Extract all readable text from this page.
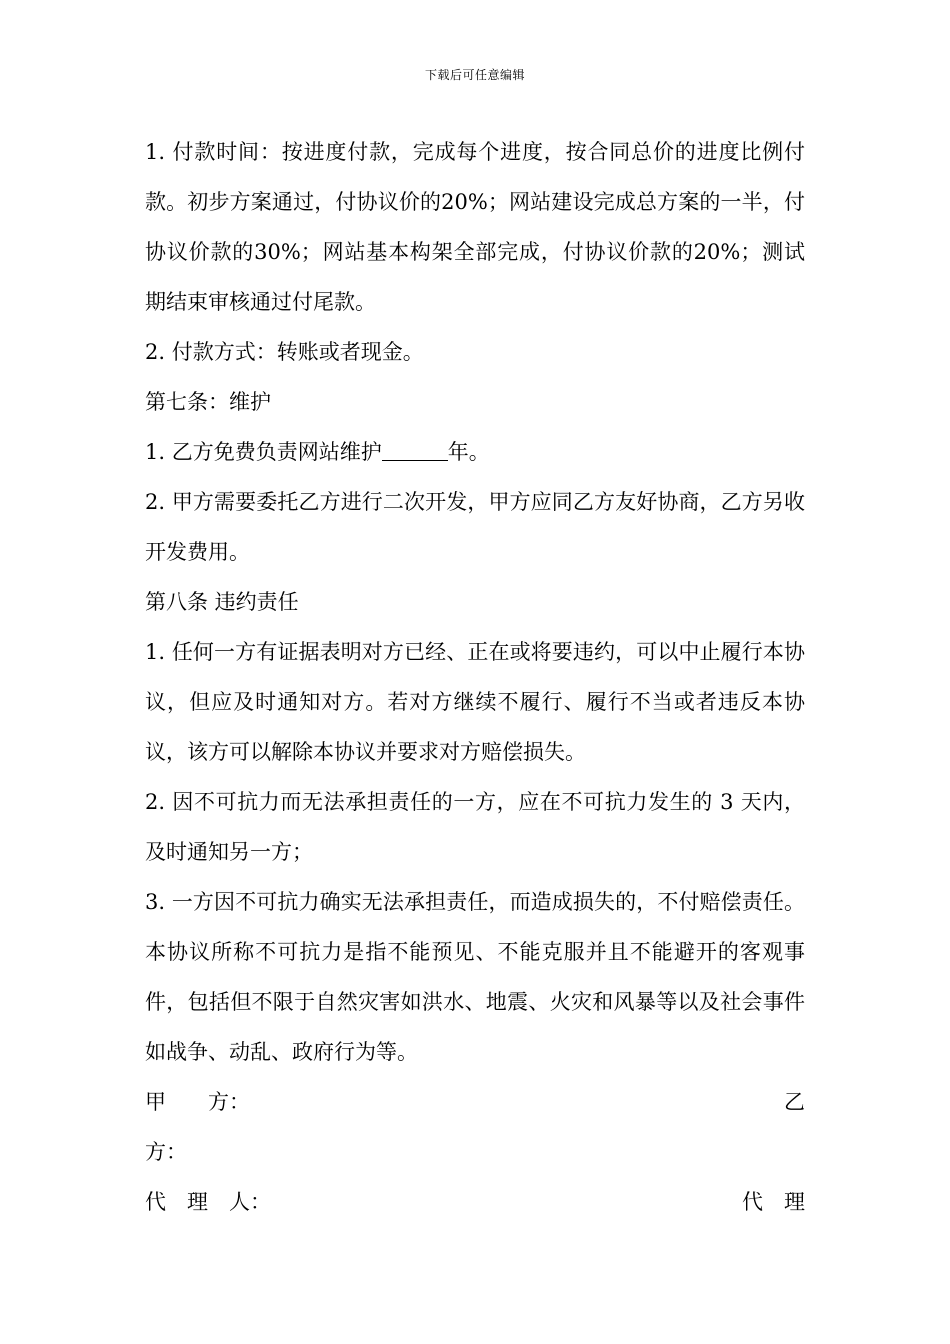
下载后可任意编辑

1. 付款时间：按进度付款，完成每个进度，按合同总价的进度比例付款。初步方案通过，付协议价的20%；网站建设完成总方案的一半，付协议价款的30%；网站基本构架全部完成，付协议价款的20%；测试期结束审核通过付尾款。

2. 付款方式：转账或者现金。

第七条：维护

1. 乙方免费负责网站维护	年。

2. 甲方需要委托乙方进行二次开发，甲方应同乙方友好协商，乙方另收开发费用。

第八条 违约责任

1. 任何一方有证据表明对方已经、正在或将要违约，可以中止履行本协议，但应及时通知对方。若对方继续不履行、履行不当或者违反本协议，该方可以解除本协议并要求对方赔偿损失。

2. 因不可抗力而无法承担责任的一方，应在不可抗力发生的 3 天内，及时通知另一方；

3. 一方因不可抗力确实无法承担责任，而造成损失的，不付赔偿责任。本协议所称不可抗力是指不能预见、不能克服并且不能避开的客观事件，包括但不限于自然灾害如洪水、地震、火灾和风暴等以及社会事件如战争、动乱、政府行为等。

甲　　方：	乙
方：
代　理　人：	代　理
